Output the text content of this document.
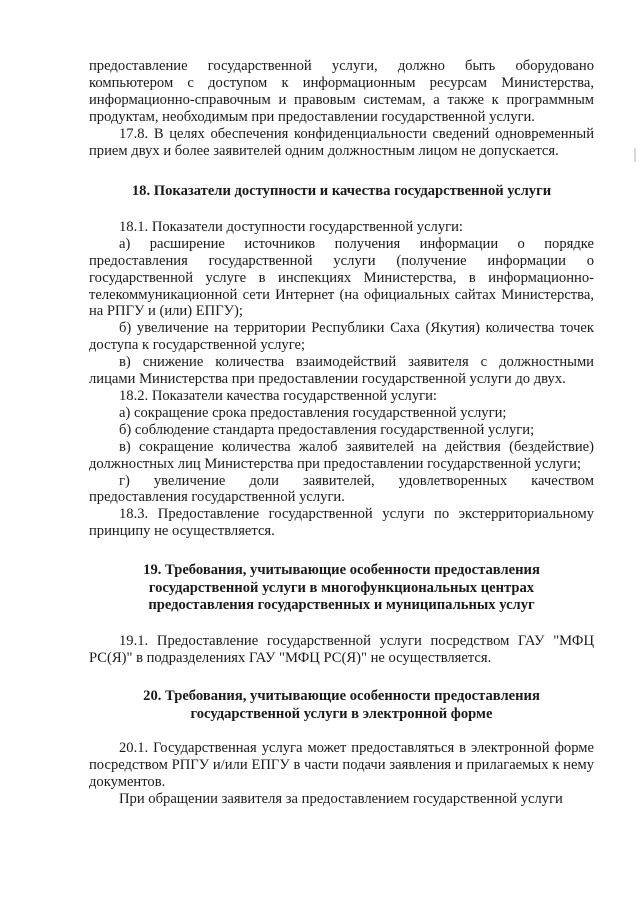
предоставление государственной услуги, должно быть оборудовано компьютером с доступом к информационным ресурсам Министерства, информационно-справочным и правовым системам, а также к программным продуктам, необходимым при предоставлении государственной услуги.

17.8. В целях обеспечения конфиденциальности сведений одновременный прием двух и более заявителей одним должностным лицом не допускается.

18. Показатели доступности и качества государственной услуги

18.1. Показатели доступности государственной услуги:

а) расширение источников получения информации о порядке предоставления государственной услуги (получение информации о государственной услуге в инспекциях Министерства, в информационно-телекоммуникационной сети Интернет (на официальных сайтах Министерства, на РПГУ и (или) ЕПГУ);

б) увеличение на территории Республики Саха (Якутия) количества точек доступа к государственной услуге;

в) снижение количества взаимодействий заявителя с должностными лицами Министерства при предоставлении государственной услуги до двух.

18.2. Показатели качества государственной услуги:

а) сокращение срока предоставления государственной услуги;

б) соблюдение стандарта предоставления государственной услуги;

в) сокращение количества жалоб заявителей на действия (бездействие) должностных лиц Министерства при предоставлении государственной услуги;

г) увеличение доли заявителей, удовлетворенных качеством предоставления государственной услуги.

18.3. Предоставление государственной услуги по экстерриториальному принципу не осуществляется.

19. Требования, учитывающие особенности предоставления
государственной услуги в многофункциональных центрах
предоставления государственных и муниципальных услуг

19.1. Предоставление государственной услуги посредством ГАУ "МФЦ РС(Я)" в подразделениях ГАУ "МФЦ РС(Я)" не осуществляется.

20. Требования, учитывающие особенности предоставления
государственной услуги в электронной форме

20.1. Государственная услуга может предоставляться в электронной форме посредством РПГУ и/или ЕПГУ в части подачи заявления и прилагаемых к нему документов.

При обращении заявителя за предоставлением государственной услуги
